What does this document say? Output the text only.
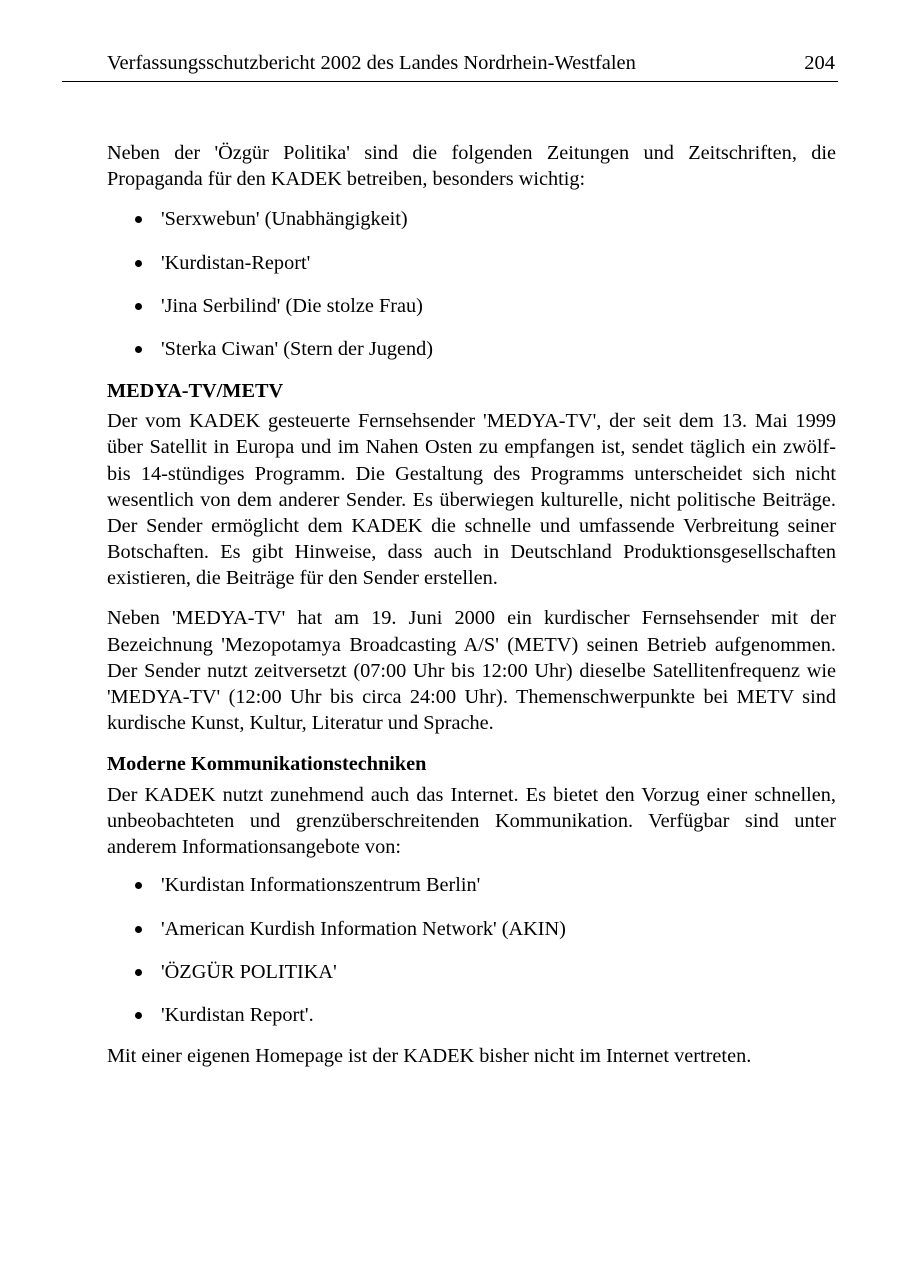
Verfassungsschutzbericht 2002 des Landes Nordrhein-Westfalen	204

Neben der 'Özgür Politika' sind die folgenden Zeitungen und Zeitschriften, die Propaganda für den KADEK betreiben, besonders wichtig:

'Serxwebun' (Unabhängigkeit)
'Kurdistan-Report'
'Jina Serbilind' (Die stolze Frau)
'Sterka Ciwan' (Stern der Jugend)
MEDYA-TV/METV

Der vom KADEK gesteuerte Fernsehsender 'MEDYA-TV', der seit dem 13. Mai 1999 über Satellit in Europa und im Nahen Osten zu empfangen ist, sendet täglich ein zwölf- bis 14-stündiges Programm. Die Gestaltung des Programms unterscheidet sich nicht wesentlich von dem anderer Sender. Es überwiegen kulturelle, nicht politische Beiträge. Der Sender ermöglicht dem KADEK die schnelle und umfassende Verbreitung seiner Botschaften. Es gibt Hinweise, dass auch in Deutschland Produktionsgesellschaften existieren, die Beiträge für den Sender erstellen.

Neben 'MEDYA-TV' hat am 19. Juni 2000 ein kurdischer Fernsehsender mit der Bezeichnung 'Mezopotamya Broadcasting A/S' (METV) seinen Betrieb aufgenommen. Der Sender nutzt zeitversetzt (07:00 Uhr bis 12:00 Uhr) dieselbe Satellitenfrequenz wie 'MEDYA-TV' (12:00 Uhr bis circa 24:00 Uhr). Themenschwerpunkte bei METV sind kurdische Kunst, Kultur, Literatur und Sprache.

Moderne Kommunikationstechniken

Der KADEK nutzt zunehmend auch das Internet. Es bietet den Vorzug einer schnellen, unbeobachteten und grenzüberschreitenden Kommunikation. Verfügbar sind unter anderem Informationsangebote von:

'Kurdistan Informationszentrum Berlin'
'American Kurdish Information Network' (AKIN)
'ÖZGÜR POLITIKA'
'Kurdistan Report'.

Mit einer eigenen Homepage ist der KADEK bisher nicht im Internet vertreten.
